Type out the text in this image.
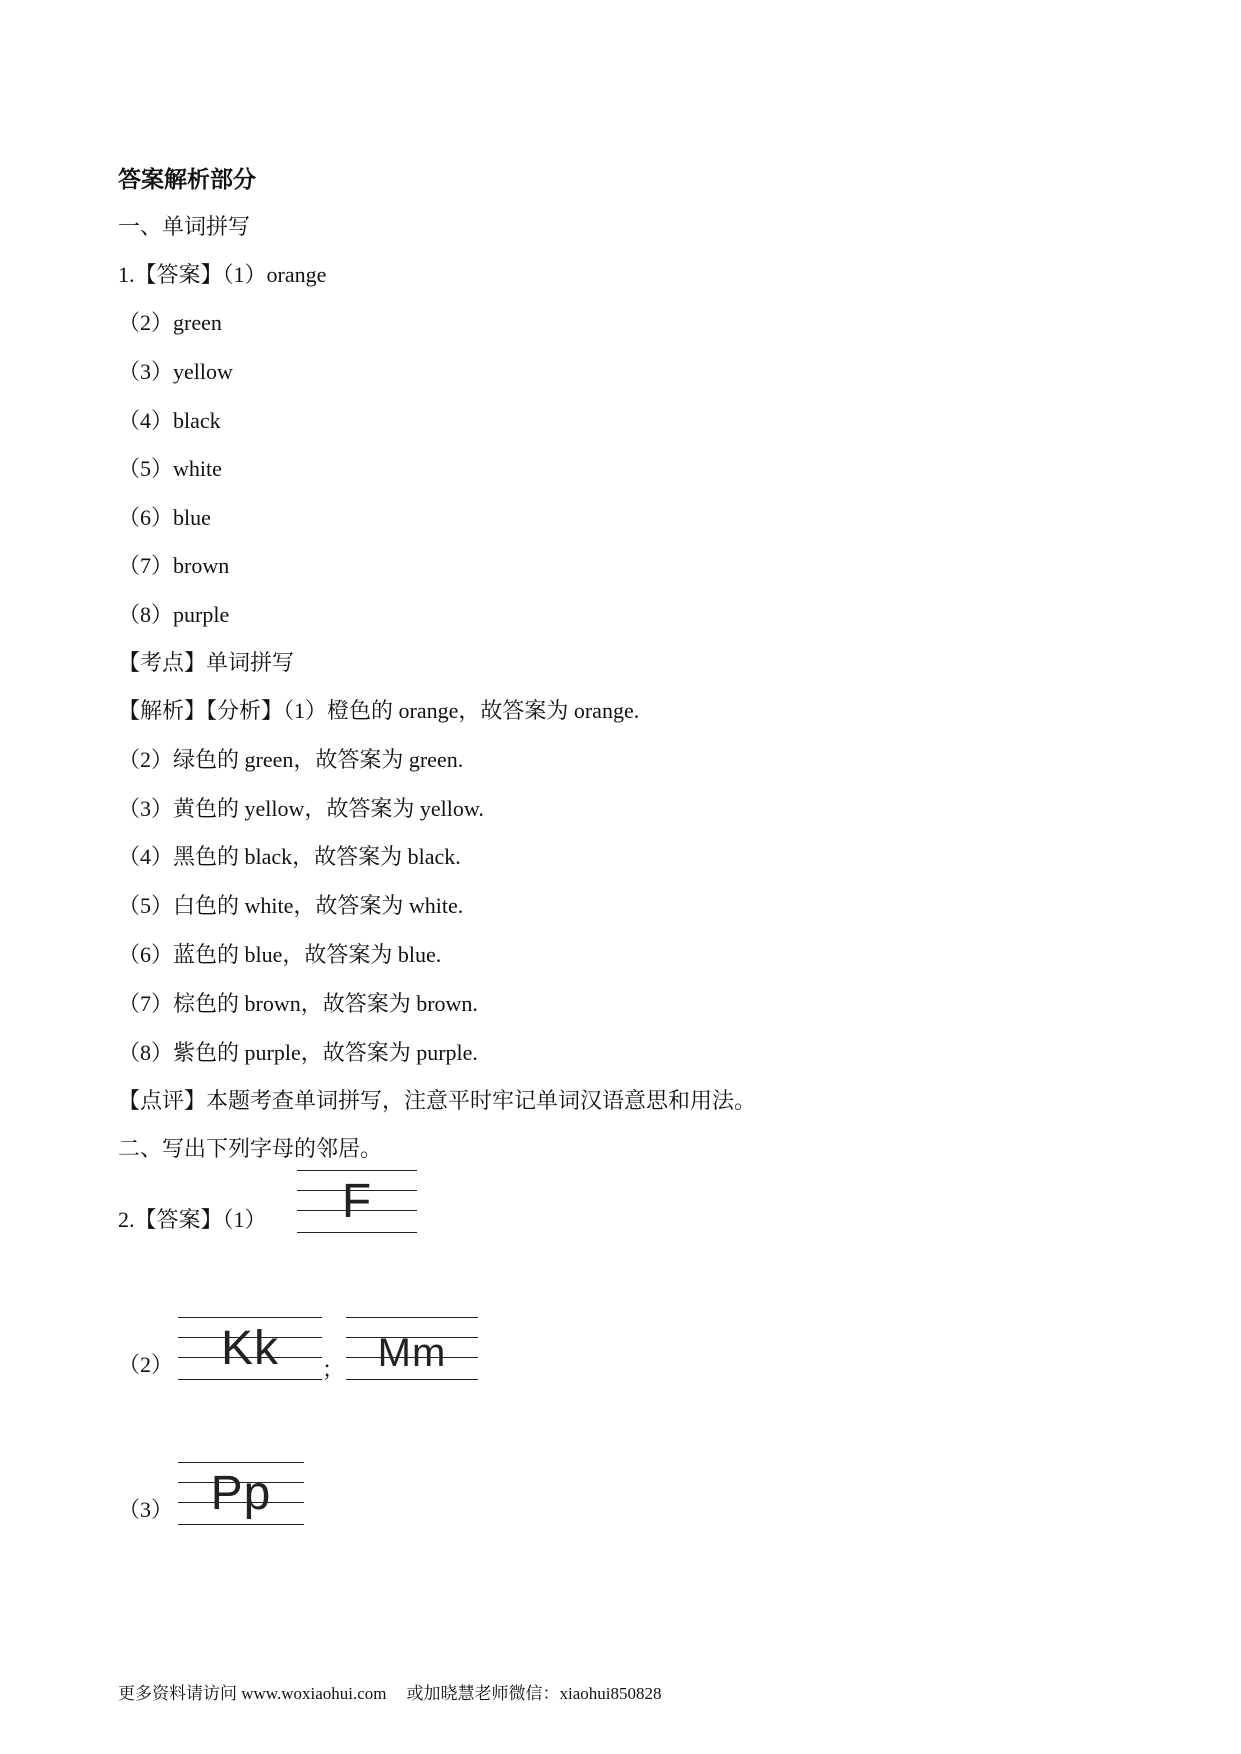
答案解析部分
一、单词拼写
1.【答案】（1）orange
（2）green
（3）yellow
（4）black
（5）white
（6）blue
（7）brown
（8）purple
【考点】单词拼写
【解析】【分析】（1）橙色的 orange，故答案为 orange.
（2）绿色的 green，故答案为 green.
（3）黄色的 yellow，故答案为 yellow.
（4）黑色的 black，故答案为 black.
（5）白色的 white，故答案为 white.
（6）蓝色的 blue，故答案为 blue.
（7）棕色的 brown，故答案为 brown.
（8）紫色的 purple，故答案为 purple.
【点评】本题考查单词拼写，注意平时牢记单词汉语意思和用法。
二、写出下列字母的邻居。
2.【答案】（1）	F
（2） Kk	； Mm
（3） Pp
更多资料请访问 www.woxiaohui.com 或加晓慧老师微信：xiaohui850828
